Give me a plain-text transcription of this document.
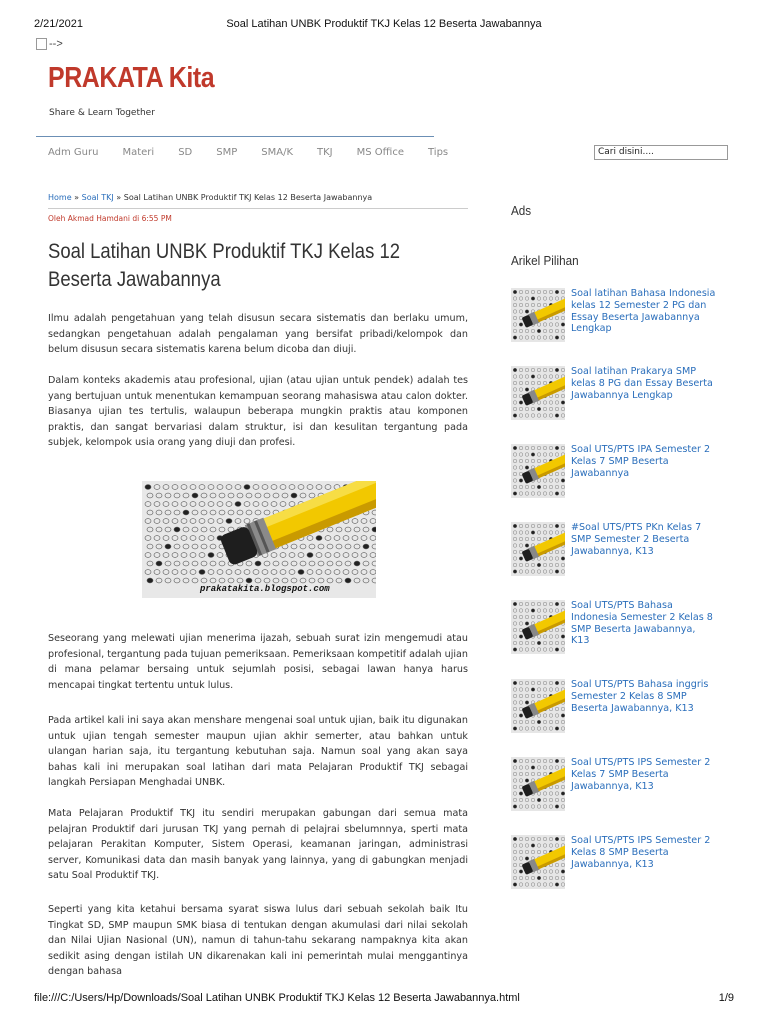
2/21/2021	Soal Latihan UNBK Produktif TKJ Kelas 12 Beserta Jawabannya
-->
PRAKATA Kita
Share & Learn Together
Adm Guru Materi SD SMP SMA/K TKJ MS Office Tips	Cari disini....
Home » Soal TKJ » Soal Latihan UNBK Produktif TKJ Kelas 12 Beserta Jawabannya
Oleh Akmad Hamdani di 6:55 PM
Soal Latihan UNBK Produktif TKJ Kelas 12 Beserta Jawabannya

Ilmu adalah pengetahuan yang telah disusun secara sistematis dan berlaku umum, sedangkan pengetahuan adalah pengalaman yang bersifat pribadi/kelompok dan belum disusun secara sistematis karena belum dicoba dan diuji.

Dalam konteks akademis atau profesional, ujian (atau ujian untuk pendek) adalah tes yang bertujuan untuk menentukan kemampuan seorang mahasiswa atau calon dokter. Biasanya ujian tes tertulis, walaupun beberapa mungkin praktis atau komponen praktis, dan sangat bervariasi dalam struktur, isi dan kesulitan tergantung pada subjek, kelompok usia orang yang diuji dan profesi.

prakatakita.blogspot.com

Seseorang yang melewati ujian menerima ijazah, sebuah surat izin mengemudi atau profesional, tergantung pada tujuan pemeriksaan. Pemeriksaan kompetitif adalah ujian di mana pelamar bersaing untuk sejumlah posisi, sebagai lawan hanya harus mencapai tingkat tertentu untuk lulus.

Pada artikel kali ini saya akan menshare mengenai soal untuk ujian, baik itu digunakan untuk ujian tengah semester maupun ujian akhir semerter, atau bahkan untuk ulangan harian saja, itu tergantung kebutuhan saja. Namun soal yang akan saya bahas kali ini merupakan soal latihan dari mata Pelajaran Produktif TKJ sebagai langkah Persiapan Menghadai UNBK.

Mata Pelajaran Produktif TKJ itu sendiri merupakan gabungan dari semua mata pelajran Produktif dari jurusan TKJ yang pernah di pelajrai sbelumnnya, sperti mata pelajaran Perakitan Komputer, Sistem Operasi, keamanan jaringan, administrasi server, Komunikasi data dan masih banyak yang lainnya, yang di gabungkan menjadi satu Soal Produktif TKJ.

Seperti yang kita ketahui bersama syarat siswa lulus dari sebuah sekolah baik Itu Tingkat SD, SMP maupun SMK biasa di tentukan dengan akumulasi dari nilai sekolah dan Nilai Ujian Nasional (UN), namun di tahun-tahu sekarang nampaknya kita akan sedikit asing dengan istilah UN dikarenakan kali ini pemerintah mulai menggantinya dengan bahasa

Ads
Arikel Pilihan
Soal latihan Bahasa Indonesia kelas 12 Semester 2 PG dan Essay Beserta Jawabannya Lengkap
Soal latihan Prakarya SMP kelas 8 PG dan Essay Beserta Jawabannya Lengkap
Soal UTS/PTS IPA Semester 2 Kelas 7 SMP Beserta Jawabannya
#Soal UTS/PTS PKn Kelas 7 SMP Semester 2 Beserta Jawabannya, K13
Soal UTS/PTS Bahasa Indonesia Semester 2 Kelas 8 SMP Beserta Jawabannya, K13
Soal UTS/PTS Bahasa inggris Semester 2 Kelas 8 SMP Beserta Jawabannya, K13
Soal UTS/PTS IPS Semester 2 Kelas 7 SMP Beserta Jawabannya, K13
Soal UTS/PTS IPS Semester 2 Kelas 8 SMP Beserta Jawabannya, K13
file:///C:/Users/Hp/Downloads/Soal Latihan UNBK Produktif TKJ Kelas 12 Beserta Jawabannya.html	1/9
